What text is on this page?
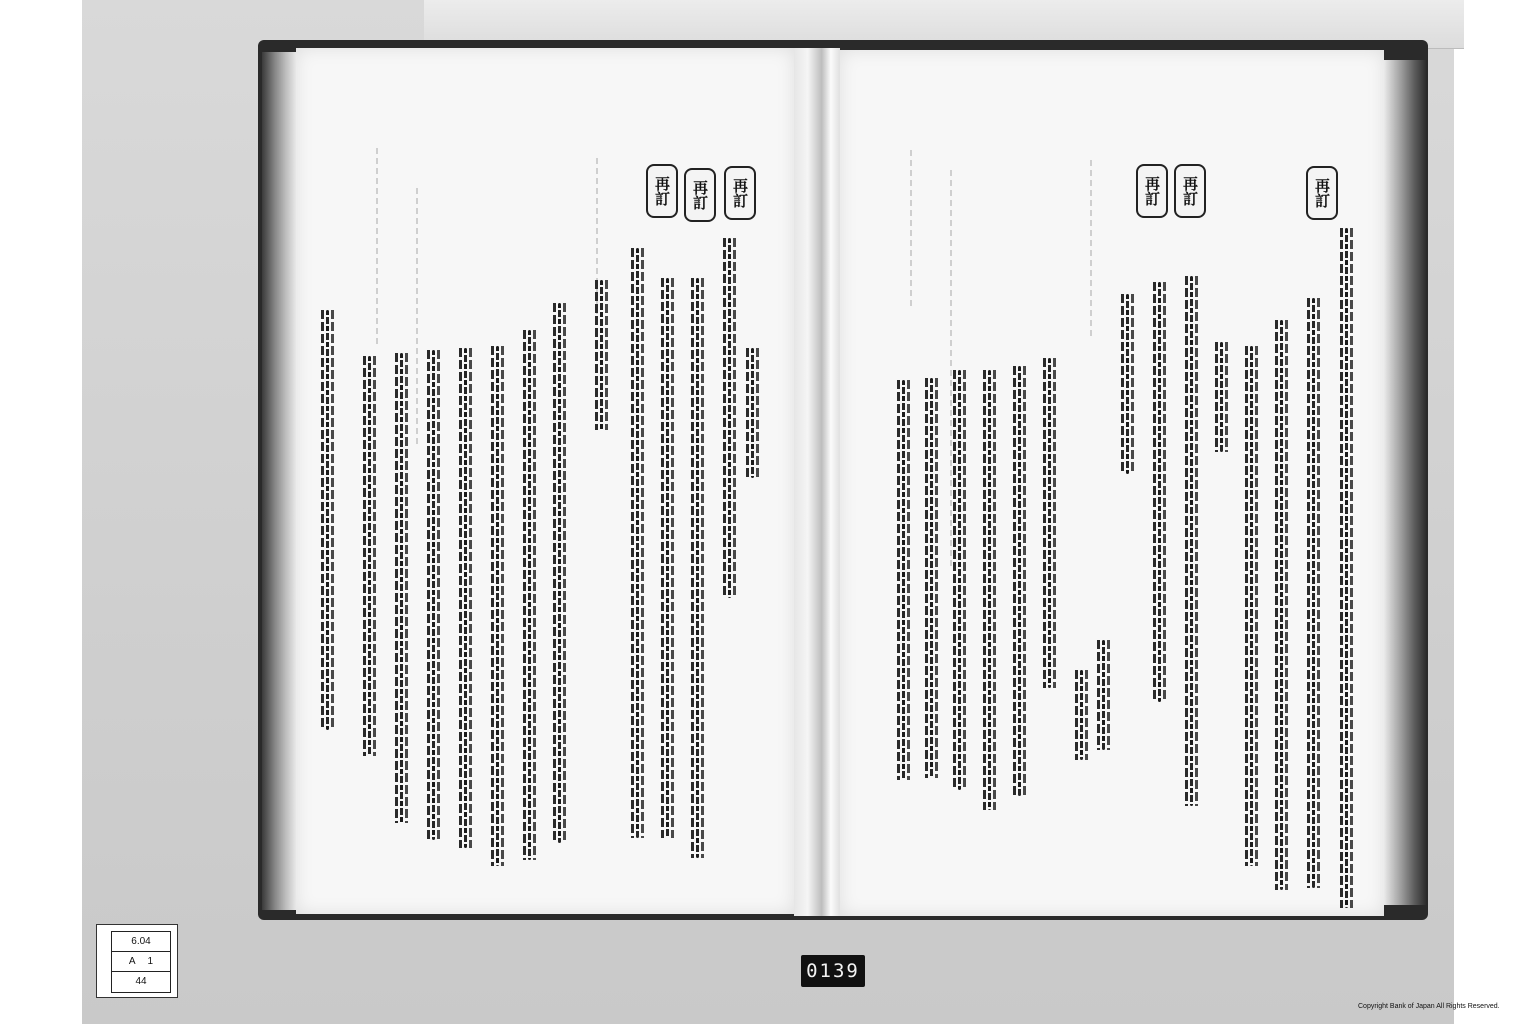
再訂	再訂	再訂	再訂	再訂	再訂
6.04
A 1
44	0139
Copyright Bank of Japan All Rights Reserved.
